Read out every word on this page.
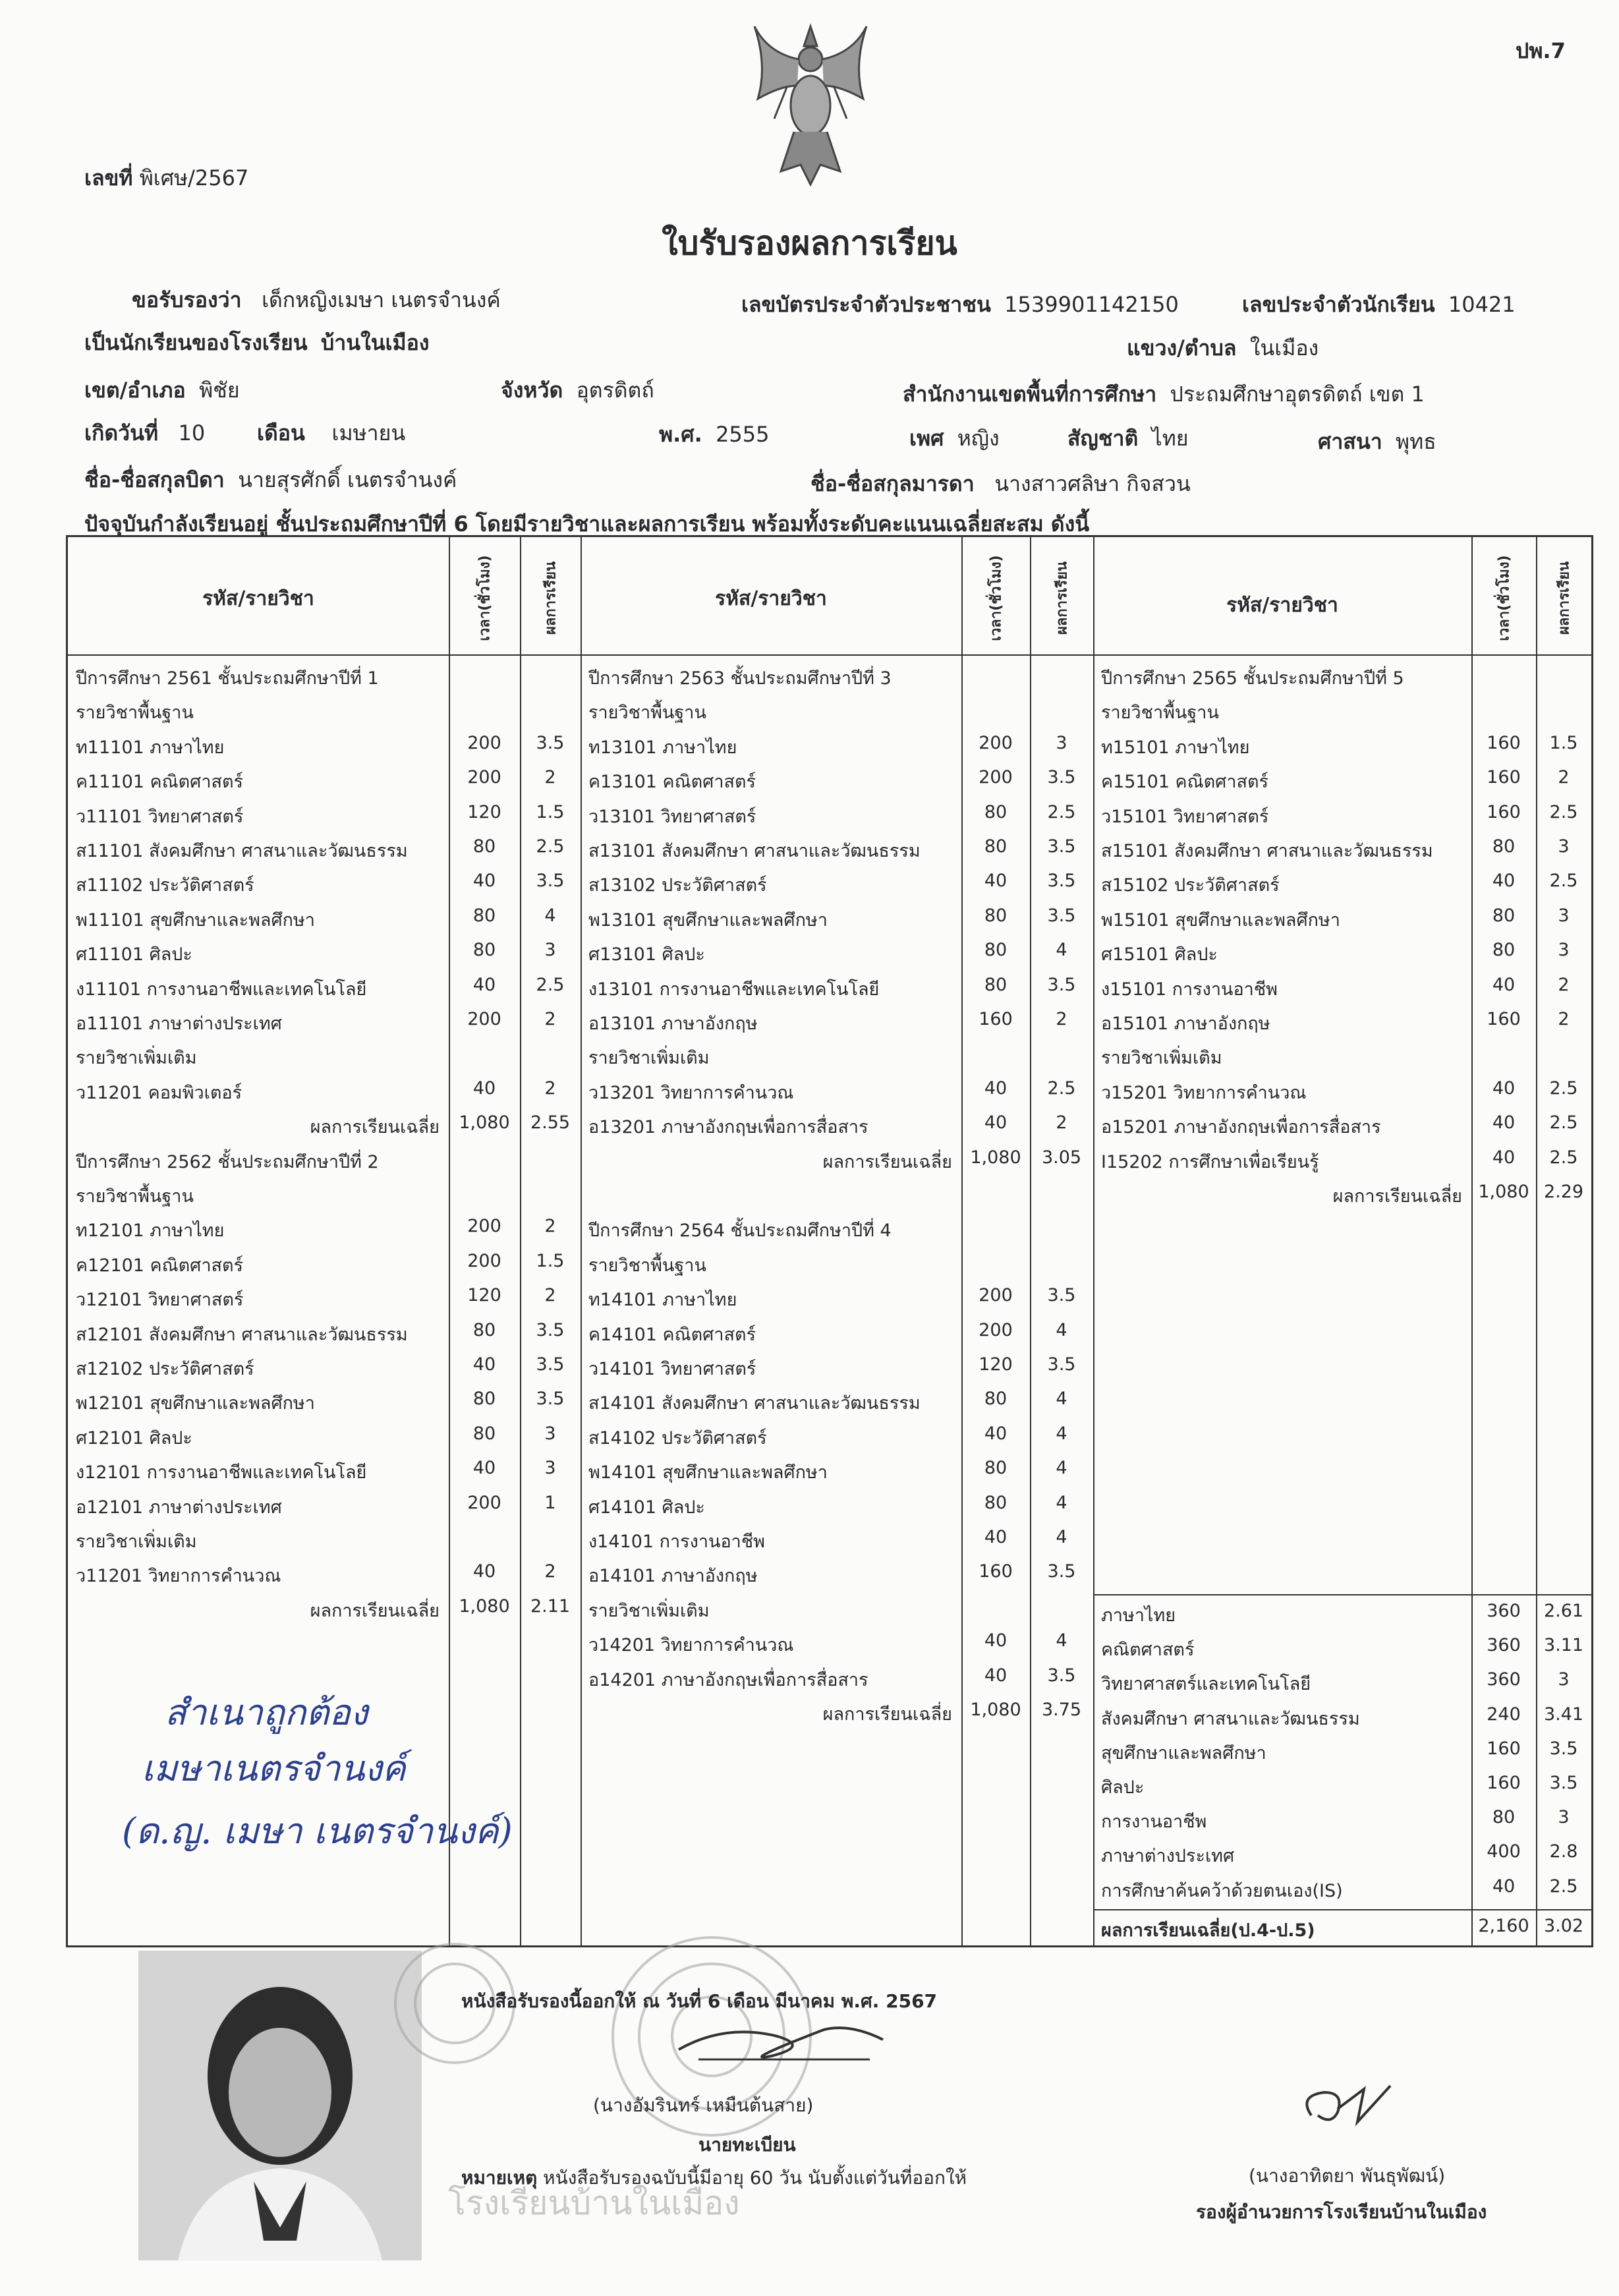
ปพ.7
เลขที่ พิเศษ/2567
ใบรับรองผลการเรียน
ขอรับรองว่า เด็กหญิงเมษา เนตรจำนงค์	เลขบัตรประจำตัวประชาชน 1539901142150	เลขประจำตัวนักเรียน 10421
เป็นนักเรียนของโรงเรียน บ้านในเมือง	แขวง/ตำบล ในเมือง
เขต/อำเภอ พิชัย	จังหวัด อุตรดิตถ์	สำนักงานเขตพื้นที่การศึกษา ประถมศึกษาอุตรดิตถ์ เขต 1
เกิดวันที่ 10 เดือน เมษายน	พ.ศ. 2555	เพศ หญิง	สัญชาติ ไทย	ศาสนา พุทธ
ชื่อ-ชื่อสกุลบิดา นายสุรศักดิ์ เนตรจำนงค์	ชื่อ-ชื่อสกุลมารดา นางสาวศลิษา กิจสวน
ปัจจุบันกำลังเรียนอยู่ ชั้นประถมศึกษาปีที่ 6 โดยมีรายวิชาและผลการเรียน พร้อมทั้งระดับคะแนนเฉลี่ยสะสม ดังนี้
รหัส/รายวิชา	เวลา(ชั่วโมง)	ผลการเรียน	รหัส/รายวิชา	เวลา(ชั่วโมง)	ผลการเรียน	รหัส/รายวิชา	เวลา(ชั่วโมง)	ผลการเรียน
ปีการศึกษา 2561 ชั้นประถมศึกษาปีที่ 1
รายวิชาพื้นฐาน
ท11101 ภาษาไทย	200	3.5
ค11101 คณิตศาสตร์	200	2
ว11101 วิทยาศาสตร์	120	1.5
ส11101 สังคมศึกษา ศาสนาและวัฒนธรรม	80	2.5
ส11102 ประวัติศาสตร์	40	3.5
พ11101 สุขศึกษาและพลศึกษา	80	4
ศ11101 ศิลปะ	80	3
ง11101 การงานอาชีพและเทคโนโลยี	40	2.5
อ11101 ภาษาต่างประเทศ	200	2
รายวิชาเพิ่มเติม
ว11201 คอมพิวเตอร์	40	2
ผลการเรียนเฉลี่ย	1,080	2.55
ปีการศึกษา 2562 ชั้นประถมศึกษาปีที่ 2
รายวิชาพื้นฐาน
ท12101 ภาษาไทย	200	2
ค12101 คณิตศาสตร์	200	1.5
ว12101 วิทยาศาสตร์	120	2
ส12101 สังคมศึกษา ศาสนาและวัฒนธรรม	80	3.5
ส12102 ประวัติศาสตร์	40	3.5
พ12101 สุขศึกษาและพลศึกษา	80	3.5
ศ12101 ศิลปะ	80	3
ง12101 การงานอาชีพและเทคโนโลยี	40	3
อ12101 ภาษาต่างประเทศ	200	1
รายวิชาเพิ่มเติม
ว11201 วิทยาการคำนวณ	40	2
ผลการเรียนเฉลี่ย	1,080	2.11
ปีการศึกษา 2563 ชั้นประถมศึกษาปีที่ 3
รายวิชาพื้นฐาน
ท13101 ภาษาไทย	200	3
ค13101 คณิตศาสตร์	200	3.5
ว13101 วิทยาศาสตร์	80	2.5
ส13101 สังคมศึกษา ศาสนาและวัฒนธรรม	80	3.5
ส13102 ประวัติศาสตร์	40	3.5
พ13101 สุขศึกษาและพลศึกษา	80	3.5
ศ13101 ศิลปะ	80	4
ง13101 การงานอาชีพและเทคโนโลยี	80	3.5
อ13101 ภาษาอังกฤษ	160	2
รายวิชาเพิ่มเติม
ว13201 วิทยาการคำนวณ	40	2.5
อ13201 ภาษาอังกฤษเพื่อการสื่อสาร	40	2
ผลการเรียนเฉลี่ย	1,080	3.05
ปีการศึกษา 2564 ชั้นประถมศึกษาปีที่ 4
รายวิชาพื้นฐาน
ท14101 ภาษาไทย	200	3.5
ค14101 คณิตศาสตร์	200	4
ว14101 วิทยาศาสตร์	120	3.5
ส14101 สังคมศึกษา ศาสนาและวัฒนธรรม	80	4
ส14102 ประวัติศาสตร์	40	4
พ14101 สุขศึกษาและพลศึกษา	80	4
ศ14101 ศิลปะ	80	4
ง14101 การงานอาชีพ	40	4
อ14101 ภาษาอังกฤษ	160	3.5
รายวิชาเพิ่มเติม
ว14201 วิทยาการคำนวณ	40	4
อ14201 ภาษาอังกฤษเพื่อการสื่อสาร	40	3.5
ผลการเรียนเฉลี่ย	1,080	3.75
ปีการศึกษา 2565 ชั้นประถมศึกษาปีที่ 5
รายวิชาพื้นฐาน
ท15101 ภาษาไทย	160	1.5
ค15101 คณิตศาสตร์	160	2
ว15101 วิทยาศาสตร์	160	2.5
ส15101 สังคมศึกษา ศาสนาและวัฒนธรรม	80	3
ส15102 ประวัติศาสตร์	40	2.5
พ15101 สุขศึกษาและพลศึกษา	80	3
ศ15101 ศิลปะ	80	3
ง15101 การงานอาชีพ	40	2
อ15101 ภาษาอังกฤษ	160	2
รายวิชาเพิ่มเติม
ว15201 วิทยาการคำนวณ	40	2.5
อ15201 ภาษาอังกฤษเพื่อการสื่อสาร	40	2.5
I15202 การศึกษาเพื่อเรียนรู้	40	2.5
ผลการเรียนเฉลี่ย 1,080 2.29
ภาษาไทย	360	2.61
คณิตศาสตร์	360	3.11
วิทยาศาสตร์และเทคโนโลยี	360	3
สังคมศึกษา ศาสนาและวัฒนธรรม	240	3.41
สุขศึกษาและพลศึกษา	160	3.5
ศิลปะ	160	3.5
การงานอาชีพ	80	3
ภาษาต่างประเทศ	400	2.8
การศึกษาค้นคว้าด้วยตนเอง(IS)	40	2.5
ผลการเรียนเฉลี่ย(ป.4-ป.5)	2,160 3.02
สำเนาถูกต้อง
เมษาเนตรจำนงค์
(ด.ญ. เมษา เนตรจำนงค์)
โรงเรียนบ้านในเมือง
หนังสือรับรองนี้ออกให้ ณ วันที่ 6 เดือน มีนาคม พ.ศ. 2567
(นางอัมรินทร์ เหมืนต้นสาย)
นายทะเบียน
หมายเหตุ หนังสือรับรองฉบับนี้มีอายุ 60 วัน นับตั้งแต่วันที่ออกให้	(นางอาทิตยา พันธุพัฒน์)
รองผู้อำนวยการโรงเรียนบ้านในเมือง
